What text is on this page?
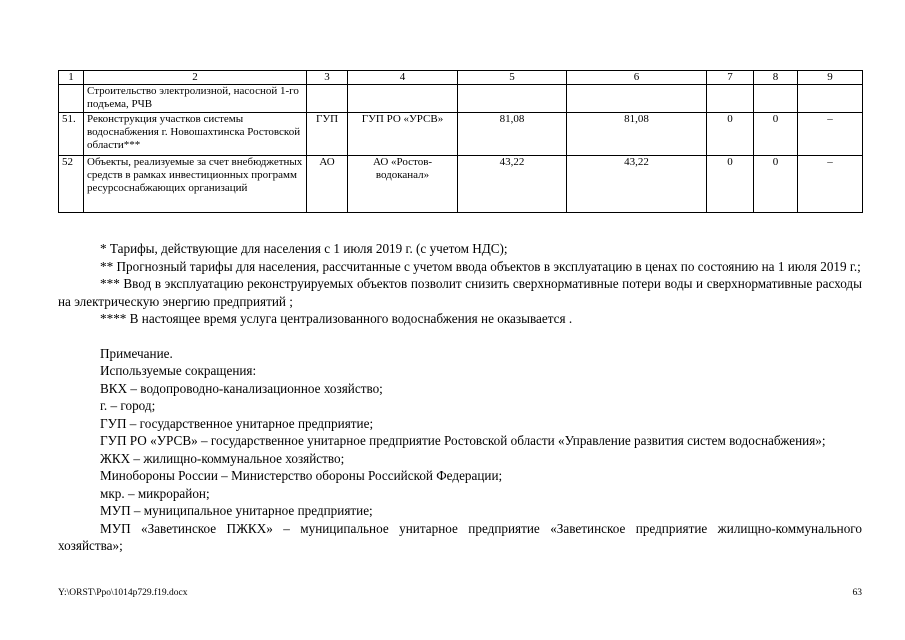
1	2	3	4	5	6	7	8	9
	Строительство электролизной, насосной 1-го подъема, РЧВ							
51.	Реконструкция участков системы водоснабжения г. Новошахтинска Ростовской области***	ГУП	ГУП РО «УРСВ»	81,08	81,08	0	0	–
52	Объекты, реализуемые за счет внебюджетных средств в рамках инвестиционных программ ресурсоснабжающих организаций	АО	АО «Ростов-водоканал»	43,22	43,22	0	0	–

* Тарифы, действующие для населения с 1 июля 2019 г. (с учетом НДС);

** Прогнозный тарифы для населения, рассчитанные с учетом ввода объектов в эксплуатацию в ценах по состоянию на 1 июля 2019 г.;

*** Ввод в эксплуатацию реконструируемых объектов позволит снизить сверхнормативные потери воды и сверхнормативные расходы на электрическую энергию предприятий ;

**** В настоящее время услуга централизованного водоснабжения не оказывается .

Примечание.

Используемые сокращения:

ВКХ – водопроводно-канализационное хозяйство;

г. – город;

ГУП – государственное унитарное предприятие;

ГУП РО «УРСВ» – государственное унитарное предприятие Ростовской области «Управление развития систем водоснабжения»;

ЖКХ – жилищно-коммунальное хозяйство;

Минобороны России – Министерство обороны Российской Федерации;

мкр. – микрорайон;

МУП – муниципальное унитарное предприятие;

МУП «Заветинское ПЖКХ» – муниципальное унитарное предприятие «Заветинское предприятие жилищно-коммунального хозяйства»;

Y:\ORST\Ppo\1014p729.f19.docx	63
